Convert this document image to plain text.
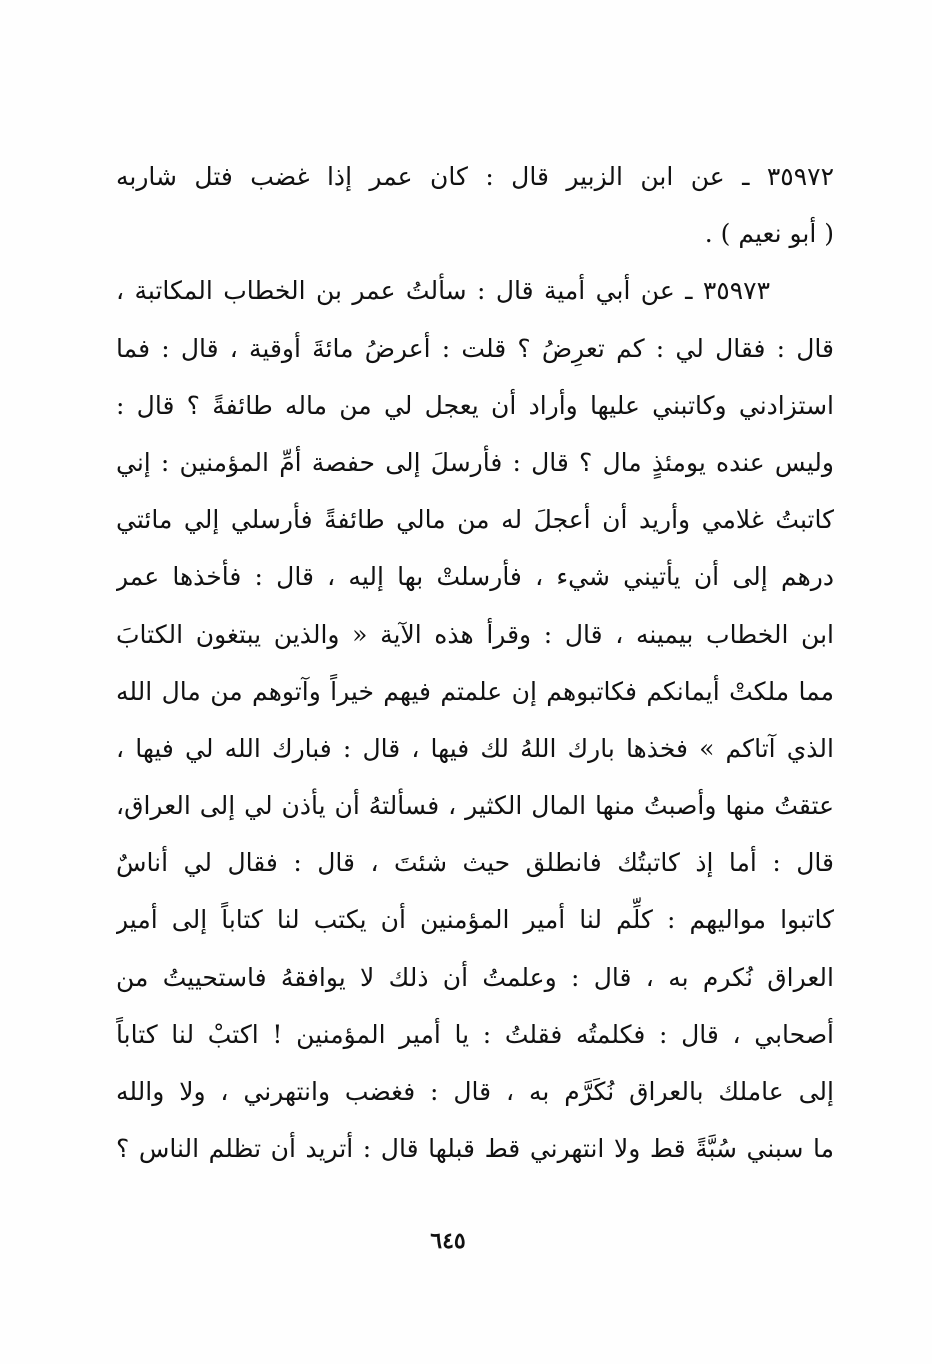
٣٥٩٧٢ ـ عن ابن الزبير قال : كان عمر إذا غضب فتل شاربه
( أبو نعيم ) .
٣٥٩٧٣ ـ عن أبي أمية قال : سألتُ عمر بن الخطاب المكاتبة ،
قال : فقال لي : كم تعرِضُ ؟ قلت : أعرضُ مائةَ أوقية ، قال : فما
استزادني وكاتبني عليها وأراد أن يعجل لي من ماله طائفةً ؟ قال :
وليس عنده يومئذٍ مال ؟ قال : فأرسلَ إلى حفصة أمِّ المؤمنين : إني
كاتبتُ غلامي وأريد أن أعجلَ له من مالي طائفةً فأرسلي إلي مائتي
درهم إلى أن يأتيني شيء ، فأرسلتْ بها إليه ، قال : فأخذها عمر
ابن الخطاب بيمينه ، قال : وقرأ هذه الآية « والذين يبتغون الكتابَ
مما ملكتْ أيمانكم فكاتبوهم إن علمتم فيهم خيراً وآتوهم من مال الله
الذي آتاكم » فخذها بارك اللهُ لك فيها ، قال : فبارك الله لي فيها ،
عتقتُ منها وأصبتُ منها المال الكثير ، فسألتهُ أن يأذن لي إلى العراق،
قال : أما إذ كاتبتُك فانطلق حيث شئتَ ، قال : فقال لي أناسٌ
كاتبوا مواليهم : كلِّم لنا أمير المؤمنين أن يكتب لنا كتاباً إلى أمير
العراق نُكرم به ، قال : وعلمتُ أن ذلك لا يوافقهُ فاستحييتُ من
أصحابي ، قال : فكلمتُه فقلتُ : يا أمير المؤمنين ! اكتبْ لنا كتاباً
إلى عاملك بالعراق نُكَرَّم به ، قال : فغضب وانتهرني ، ولا والله
ما سبني سُبَّةً قط ولا انتهرني قط قبلها قال : أتريد أن تظلم الناس ؟
٦٤٥
